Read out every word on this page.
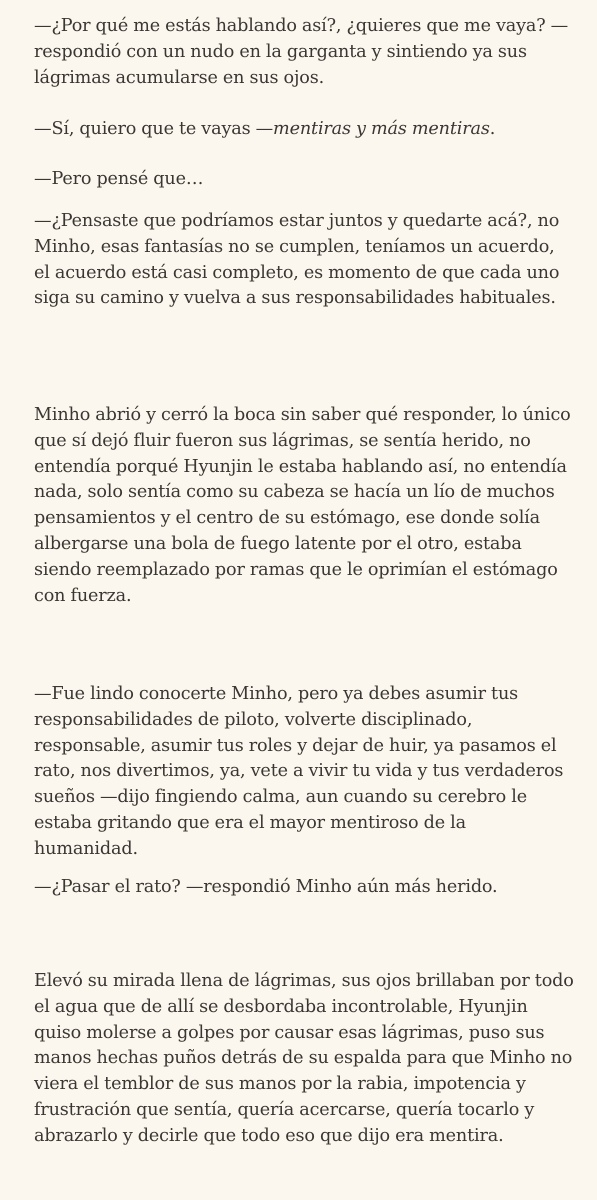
—¿Por qué me estás hablando así?, ¿quieres que me vaya? —respondió con un nudo en la garganta y sintiendo ya sus lágrimas acumularse en sus ojos.

—Sí, quiero que te vayas —mentiras y más mentiras.

—Pero pensé que…

—¿Pensaste que podríamos estar juntos y quedarte acá?, no Minho, esas fantasías no se cumplen, teníamos un acuerdo, el acuerdo está casi completo, es momento de que cada uno siga su camino y vuelva a sus responsabilidades habituales.

Minho abrió y cerró la boca sin saber qué responder, lo único que sí dejó fluir fueron sus lágrimas, se sentía herido, no entendía porqué Hyunjin le estaba hablando así, no entendía nada, solo sentía como su cabeza se hacía un lío de muchos pensamientos y el centro de su estómago, ese donde solía albergarse una bola de fuego latente por el otro, estaba siendo reemplazado por ramas que le oprimían el estómago con fuerza.

—Fue lindo conocerte Minho, pero ya debes asumir tus responsabilidades de piloto, volverte disciplinado, responsable, asumir tus roles y dejar de huir, ya pasamos el rato, nos divertimos, ya, vete a vivir tu vida y tus verdaderos sueños —dijo fingiendo calma, aun cuando su cerebro le estaba gritando que era el mayor mentiroso de la humanidad.

—¿Pasar el rato? —respondió Minho aún más herido.

Elevó su mirada llena de lágrimas, sus ojos brillaban por todo el agua que de allí se desbordaba incontrolable, Hyunjin quiso molerse a golpes por causar esas lágrimas, puso sus manos hechas puños detrás de su espalda para que Minho no viera el temblor de sus manos por la rabia, impotencia y frustración que sentía, quería acercarse, quería tocarlo y abrazarlo y decirle que todo eso que dijo era mentira.
